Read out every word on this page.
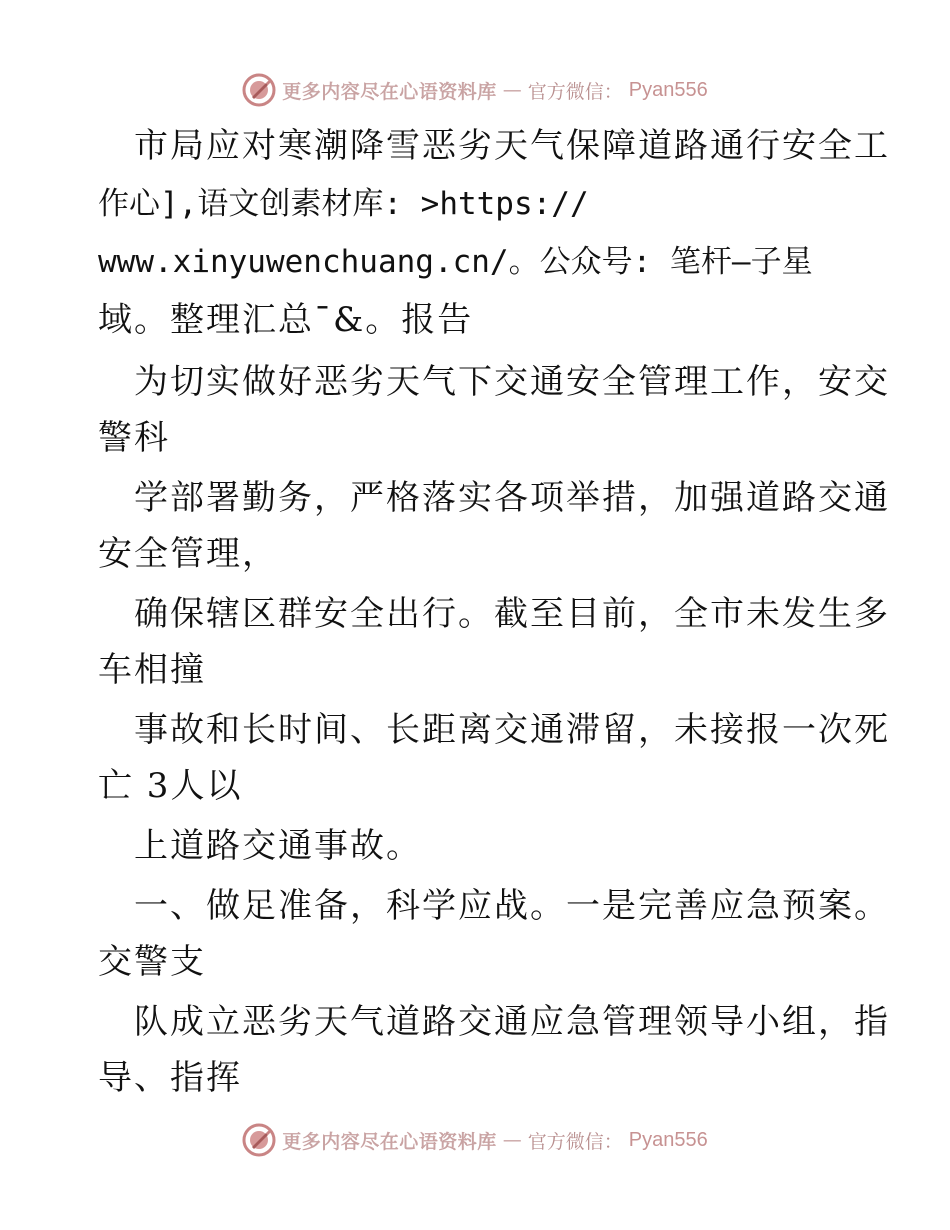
更多内容尽在心语资料库 — 官方微信： Pyan556
市局应对寒潮降雪恶劣天气保障道路通行安全工
作心],语文创素材库: >https://
www.xinyuwenchuang.cn/。公众号: 笔杆—子星
域。整理汇总¯&。报告
为切实做好恶劣天气下交通安全管理工作，安交
警科
学部署勤务，严格落实各项举措，加强道路交通
安全管理，
确保辖区群安全出行。截至目前，全市未发生多
车相撞
事故和长时间、长距离交通滞留，未接报一次死
亡 3人以
上道路交通事故。
一、做足准备，科学应战。一是完善应急预案。
交警支
队成立恶劣天气道路交通应急管理领导小组，指
导、指挥
更多内容尽在心语资料库 — 官方微信： Pyan556
